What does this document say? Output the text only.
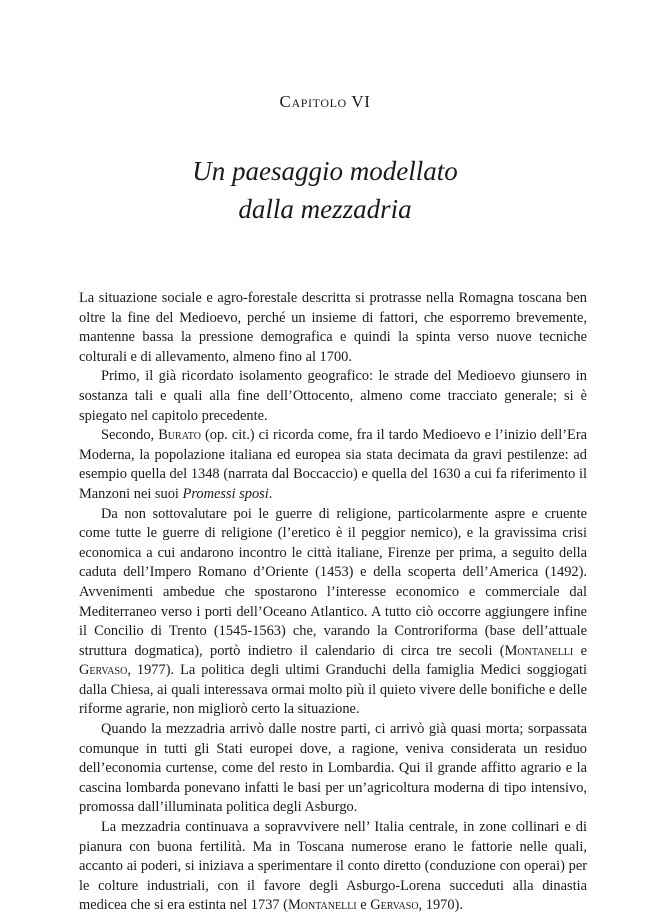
Capitolo VI
Un paesaggio modellato
dalla mezzadria

La situazione sociale e agro-forestale descritta si protrasse nella Romagna toscana ben oltre la fine del Medioevo, perché un insieme di fattori, che esporremo brevemente, mantenne bassa la pressione demografica e quindi la spinta verso nuove tecniche colturali e di allevamento, almeno fino al 1700.

Primo, il già ricordato isolamento geografico: le strade del Medioevo giunsero in sostanza tali e quali alla fine dell’Ottocento, almeno come tracciato generale; si è spiegato nel capitolo precedente.

Secondo, Burato (op. cit.) ci ricorda come, fra il tardo Medioevo e l’inizio dell’Era Moderna, la popolazione italiana ed europea sia stata decimata da gravi pestilenze: ad esempio quella del 1348 (narrata dal Boccaccio) e quella del 1630 a cui fa riferimento il Manzoni nei suoi Promessi sposi.

Da non sottovalutare poi le guerre di religione, particolarmente aspre e cruente come tutte le guerre di religione (l’eretico è il peggior nemico), e la gravissima crisi economica a cui andarono incontro le città italiane, Firenze per prima, a seguito della caduta dell’Impero Romano d’Oriente (1453) e della scoperta dell’America (1492). Avvenimenti ambedue che spostarono l’interesse economico e commerciale dal Mediterraneo verso i porti dell’Oceano Atlantico. A tutto ciò occorre aggiungere infine il Concilio di Trento (1545-1563) che, varando la Controriforma (base dell’attuale struttura dogmatica), portò indietro il calendario di circa tre secoli (Montanelli e Gervaso, 1977). La politica degli ultimi Granduchi della famiglia Medici soggiogati dalla Chiesa, ai quali interessava ormai molto più il quieto vivere delle bonifiche e delle riforme agrarie, non migliorò certo la situazione.

Quando la mezzadria arrivò dalle nostre parti, ci arrivò già quasi morta; sorpassata comunque in tutti gli Stati europei dove, a ragione, veniva considerata un residuo dell’economia curtense, come del resto in Lombardia. Qui il grande affitto agrario e la cascina lombarda ponevano infatti le basi per un’agricoltura moderna di tipo intensivo, promossa dall’illuminata politica degli Asburgo.

La mezzadria continuava a sopravvivere nell’ Italia centrale, in zone collinari e di pianura con buona fertilità. Ma in Toscana numerose erano le fattorie nelle quali, accanto ai poderi, si iniziava a sperimentare il conto diretto (conduzione con operai) per le colture industriali, con il favore degli Asburgo-Lorena succeduti alla dinastia medicea che si era estinta nel 1737 (Montanelli e Gervaso, 1970).
